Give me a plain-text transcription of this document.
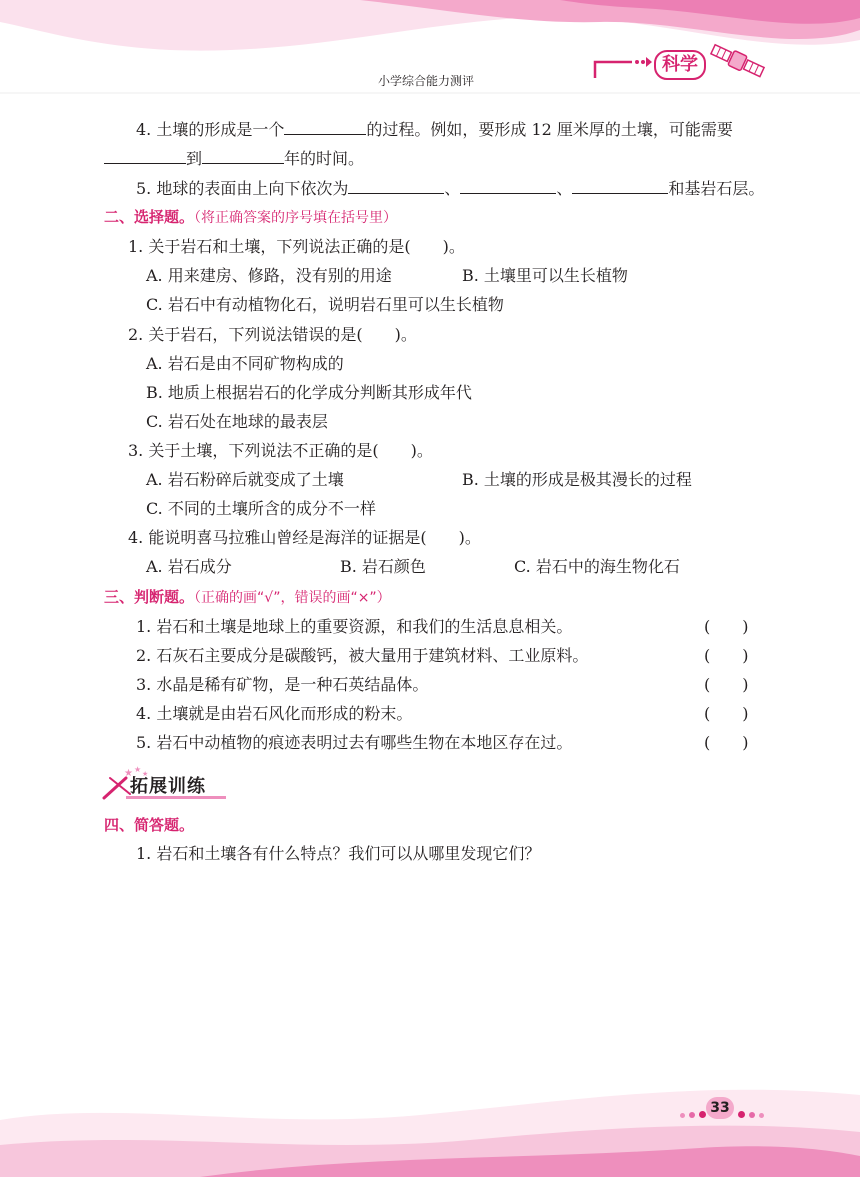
小学综合能力测评
科学
4. 土壤的形成是一个	的过程。例如，要形成 12 厘米厚的土壤，可能需要
到	年的时间。
5. 地球的表面由上向下依次为	、	、	和基岩石层。
二、选择题。（将正确答案的序号填在括号里）
1. 关于岩石和土壤，下列说法正确的是(　　)。
A. 用来建房、修路，没有别的用途	B. 土壤里可以生长植物
C. 岩石中有动植物化石，说明岩石里可以生长植物
2. 关于岩石，下列说法错误的是(　　)。
A. 岩石是由不同矿物构成的
B. 地质上根据岩石的化学成分判断其形成年代
C. 岩石处在地球的最表层
3. 关于土壤，下列说法不正确的是(　　)。
A. 岩石粉碎后就变成了土壤	B. 土壤的形成是极其漫长的过程
C. 不同的土壤所含的成分不一样
4. 能说明喜马拉雅山曾经是海洋的证据是(　　)。
A. 岩石成分	B. 岩石颜色	C. 岩石中的海生物化石
三、判断题。（正确的画“√”，错误的画“×”）
1. 岩石和土壤是地球上的重要资源，和我们的生活息息相关。	(　　)
2. 石灰石主要成分是碳酸钙，被大量用于建筑材料、工业原料。	(　　)
3. 水晶是稀有矿物，是一种石英结晶体。	(　　)
4. 土壤就是由岩石风化而形成的粉末。	(　　)
5. 岩石中动植物的痕迹表明过去有哪些生物在本地区存在过。	(　　)
★ ★ ★
拓展训练
四、简答题。
1. 岩石和土壤各有什么特点？我们可以从哪里发现它们？
33
